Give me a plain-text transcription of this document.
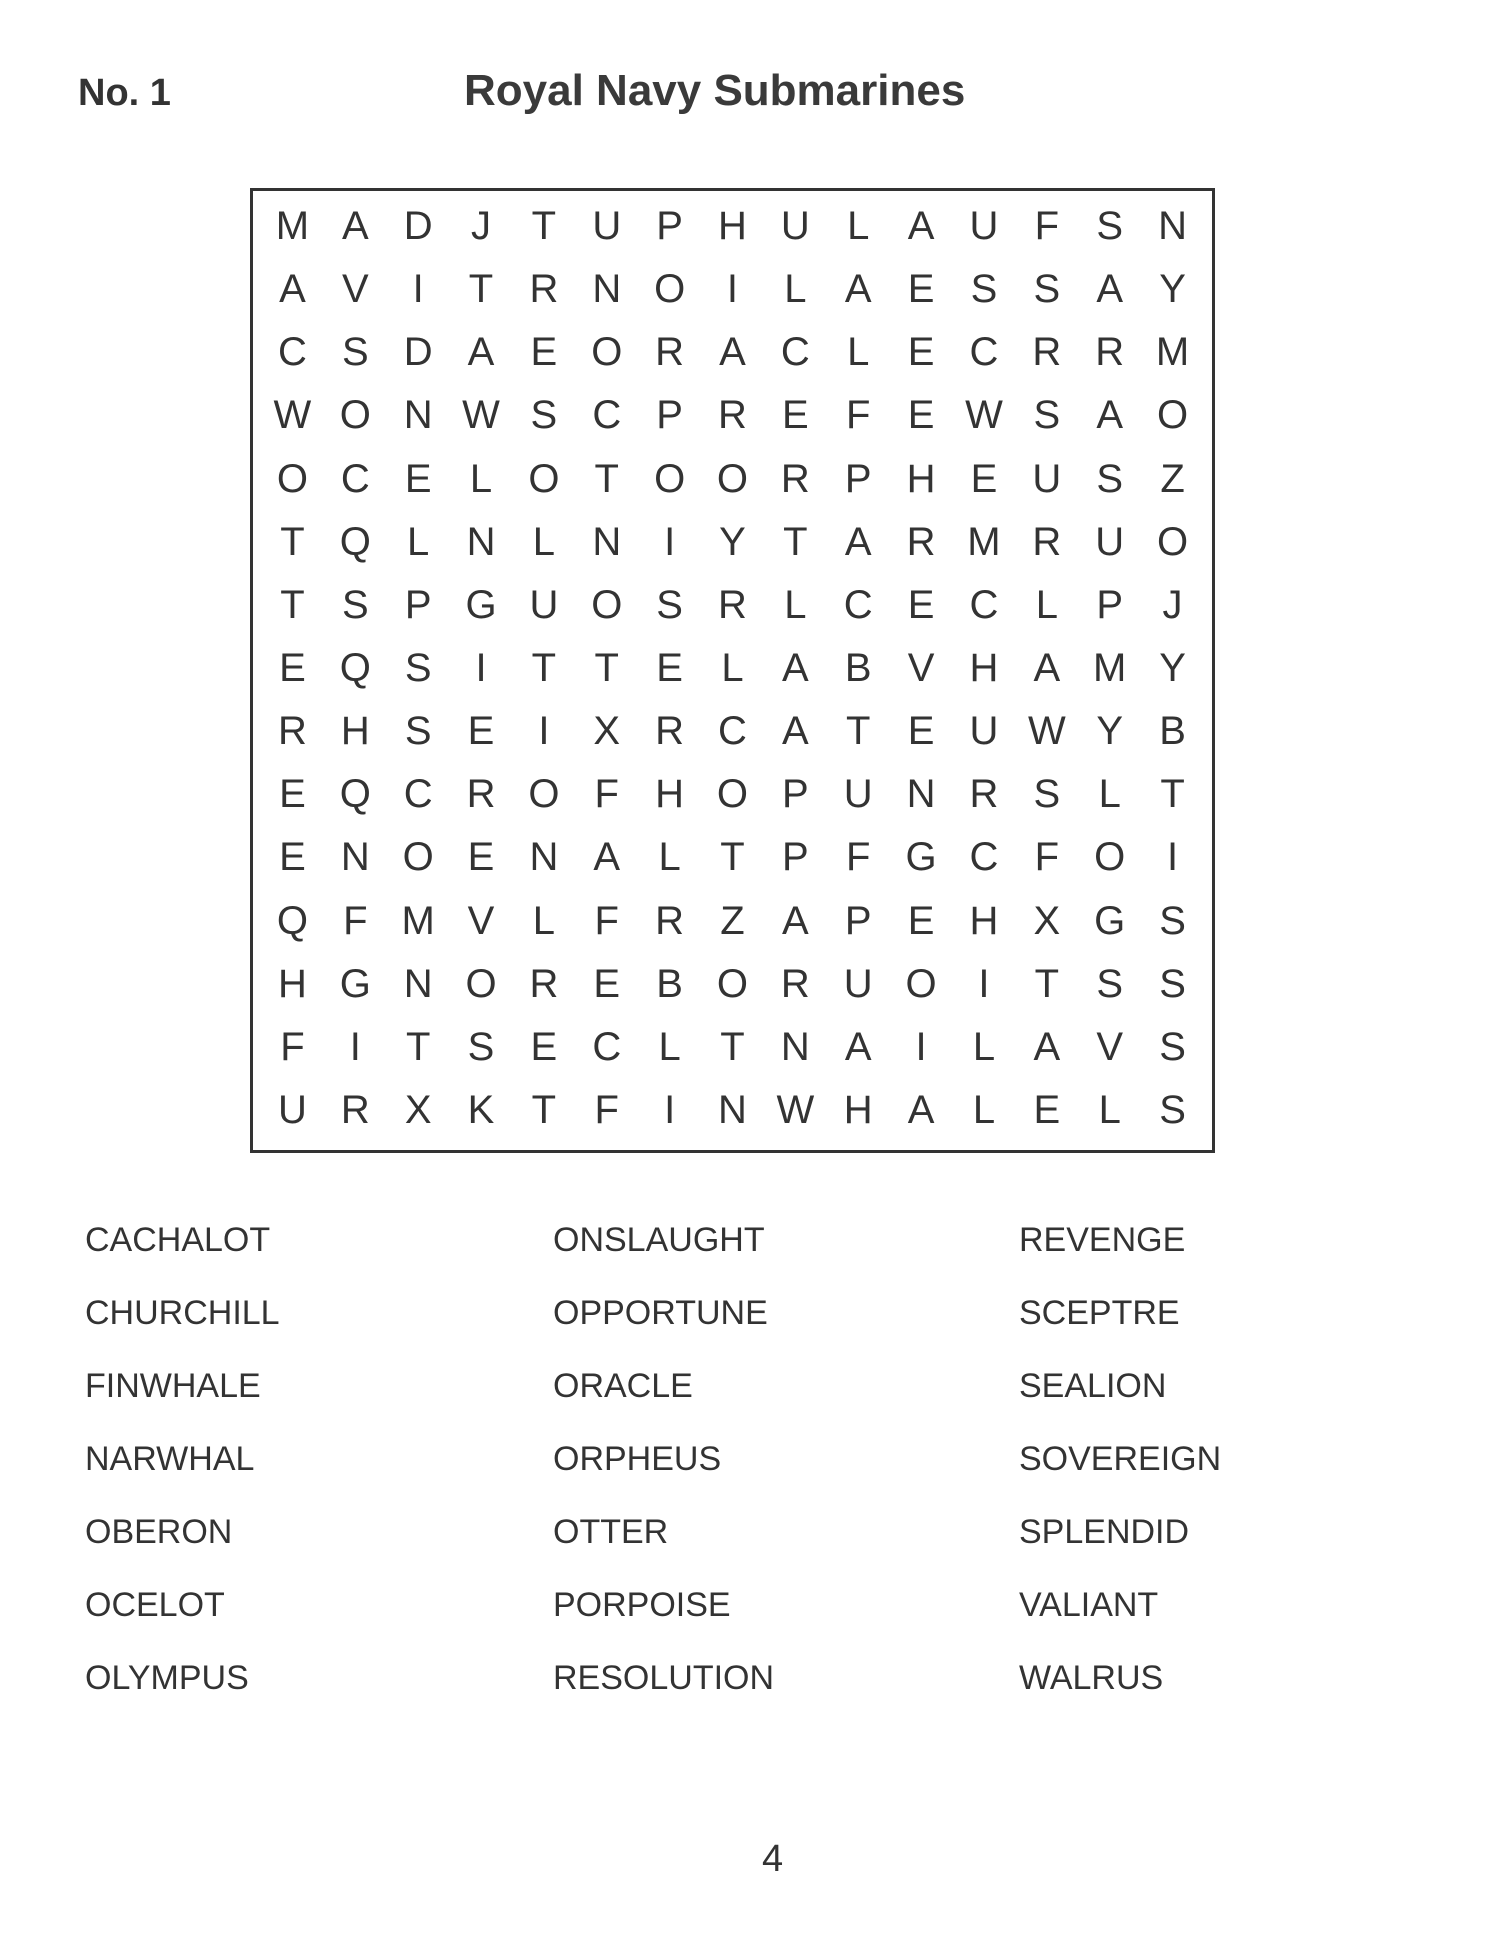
No. 1	Royal Navy Submarines
M A D J	T U P H U L A U F S N
A V	I	T R N O	I	L A E S S A Y
C S D A E O R A C L E C R R M
W O N W S C P R E F E W S A O
O C E L O T O O R P H E U S Z
T Q L N L N	I	Y T A R M R U O
T S P G U O S R L C E C L P J
E Q S	I	T T E L A B V H A M Y
R H S E	I	X R C A T E U W Y B
E Q C R O F H O P U N R S L T
E N O E N A L T P F G C F O	I
Q F M V L F R Z A P E H X G S
H G N O R E B O R U O	I	T S S
F	I	T S E C L T N A	I	L A V S
U R X K T F	I	N W H A L E L S
CACHALOT	ONSLAUGHT	REVENGE
CHURCHILL	OPPORTUNE	SCEPTRE
FINWHALE	ORACLE	SEALION
NARWHAL	ORPHEUS	SOVEREIGN
OBERON	OTTER	SPLENDID
OCELOT	PORPOISE	VALIANT
OLYMPUS	RESOLUTION	WALRUS
4
